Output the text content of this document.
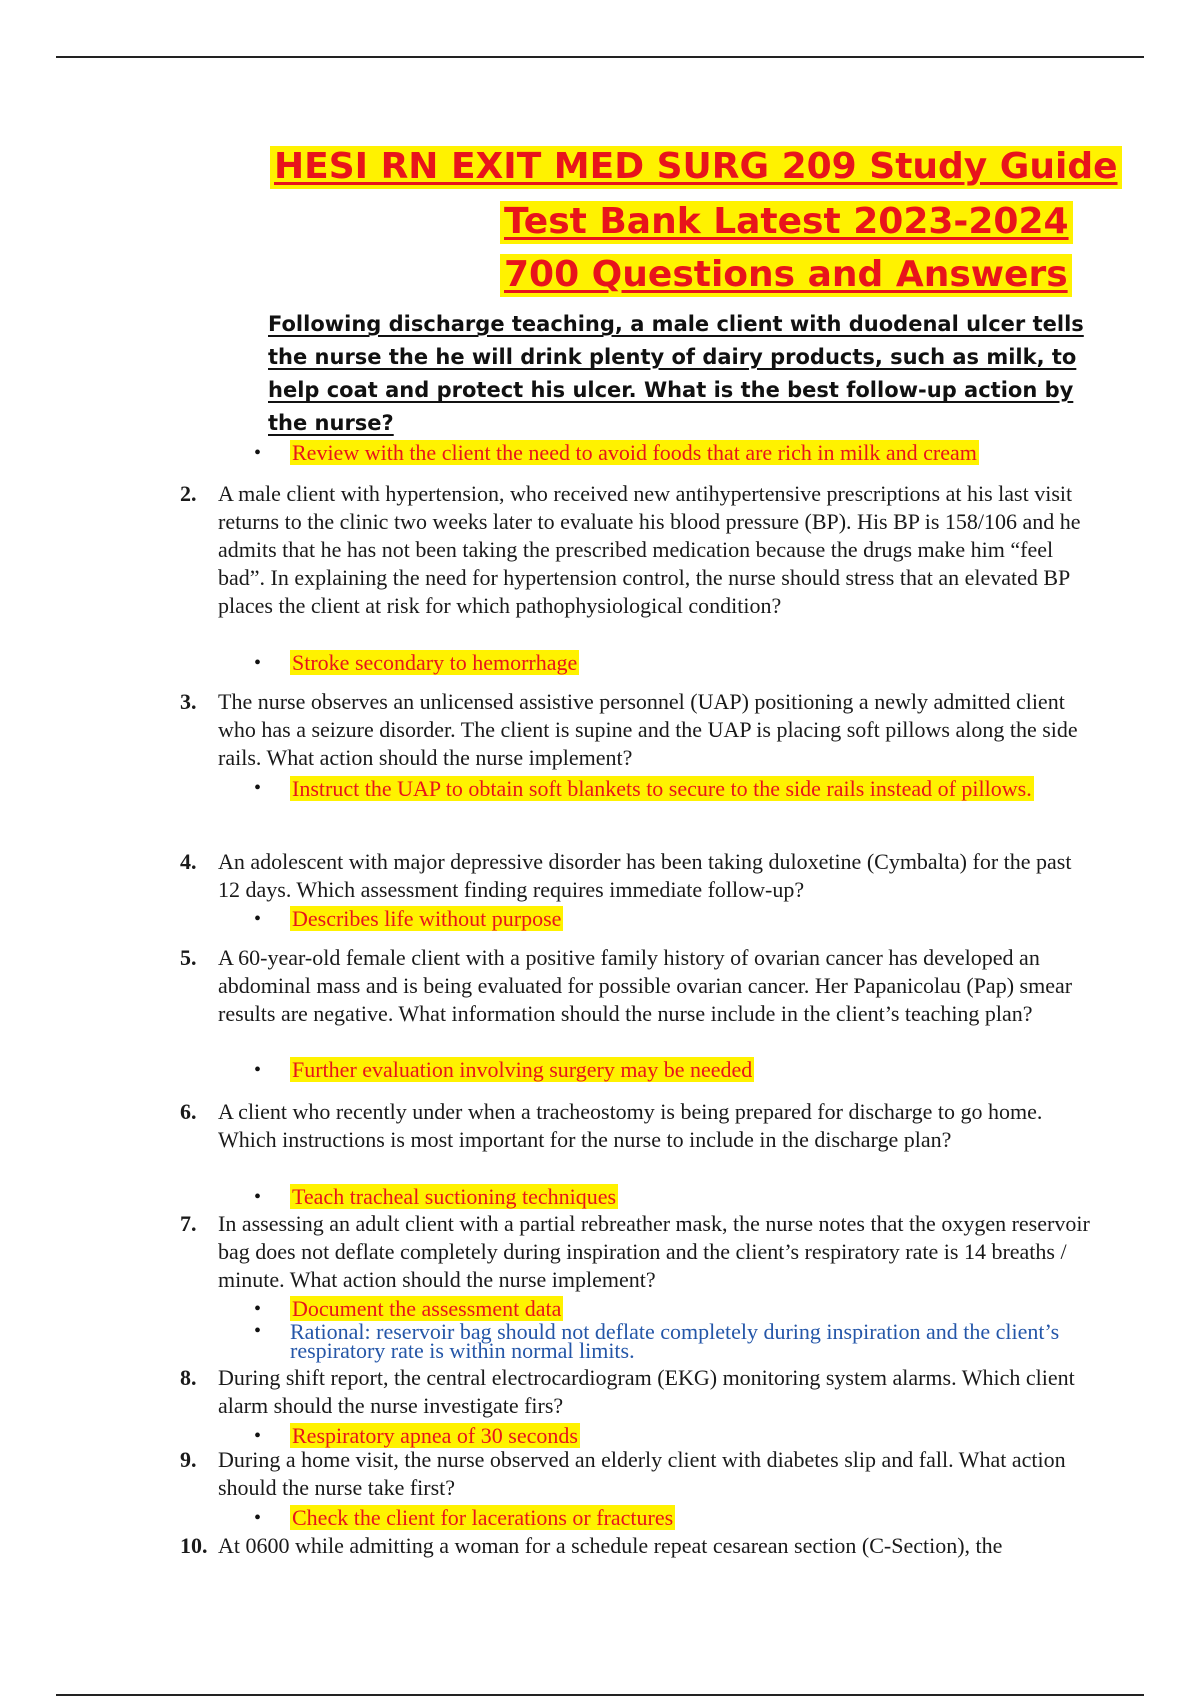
HESI RN EXIT MED SURG 209 Study Guide
Test Bank Latest 2023-2024
700 Questions and Answers
Following discharge teaching, a male client with duodenal ulcer tells the nurse the he will drink plenty of dairy products, such as milk, to help coat and protect his ulcer. What is the best follow-up action by the nurse?
• Review with the client the need to avoid foods that are rich in milk and cream
2. A male client with hypertension, who received new antihypertensive prescriptions at his last visit returns to the clinic two weeks later to evaluate his blood pressure (BP). His BP is 158/106 and he admits that he has not been taking the prescribed medication because the drugs make him “feel bad”. In explaining the need for hypertension control, the nurse should stress that an elevated BP places the client at risk for which pathophysiological condition?
• Stroke secondary to hemorrhage
3. The nurse observes an unlicensed assistive personnel (UAP) positioning a newly admitted client who has a seizure disorder. The client is supine and the UAP is placing soft pillows along the side rails. What action should the nurse implement?
• Instruct the UAP to obtain soft blankets to secure to the side rails instead of pillows.
4. An adolescent with major depressive disorder has been taking duloxetine (Cymbalta) for the past 12 days. Which assessment finding requires immediate follow-up?
• Describes life without purpose
5. A 60-year-old female client with a positive family history of ovarian cancer has developed an abdominal mass and is being evaluated for possible ovarian cancer. Her Papanicolau (Pap) smear results are negative. What information should the nurse include in the client’s teaching plan?
• Further evaluation involving surgery may be needed
6. A client who recently under when a tracheostomy is being prepared for discharge to go home. Which instructions is most important for the nurse to include in the discharge plan?
• Teach tracheal suctioning techniques
7. In assessing an adult client with a partial rebreather mask, the nurse notes that the oxygen reservoir bag does not deflate completely during inspiration and the client’s respiratory rate is 14 breaths / minute. What action should the nurse implement?
• Document the assessment data
• Rational: reservoir bag should not deflate completely during inspiration and the client’s respiratory rate is within normal limits.
8. During shift report, the central electrocardiogram (EKG) monitoring system alarms. Which client alarm should the nurse investigate firs?
• Respiratory apnea of 30 seconds
9. During a home visit, the nurse observed an elderly client with diabetes slip and fall. What action should the nurse take first?
• Check the client for lacerations or fractures
10. At 0600 while admitting a woman for a schedule repeat cesarean section (C-Section), the
